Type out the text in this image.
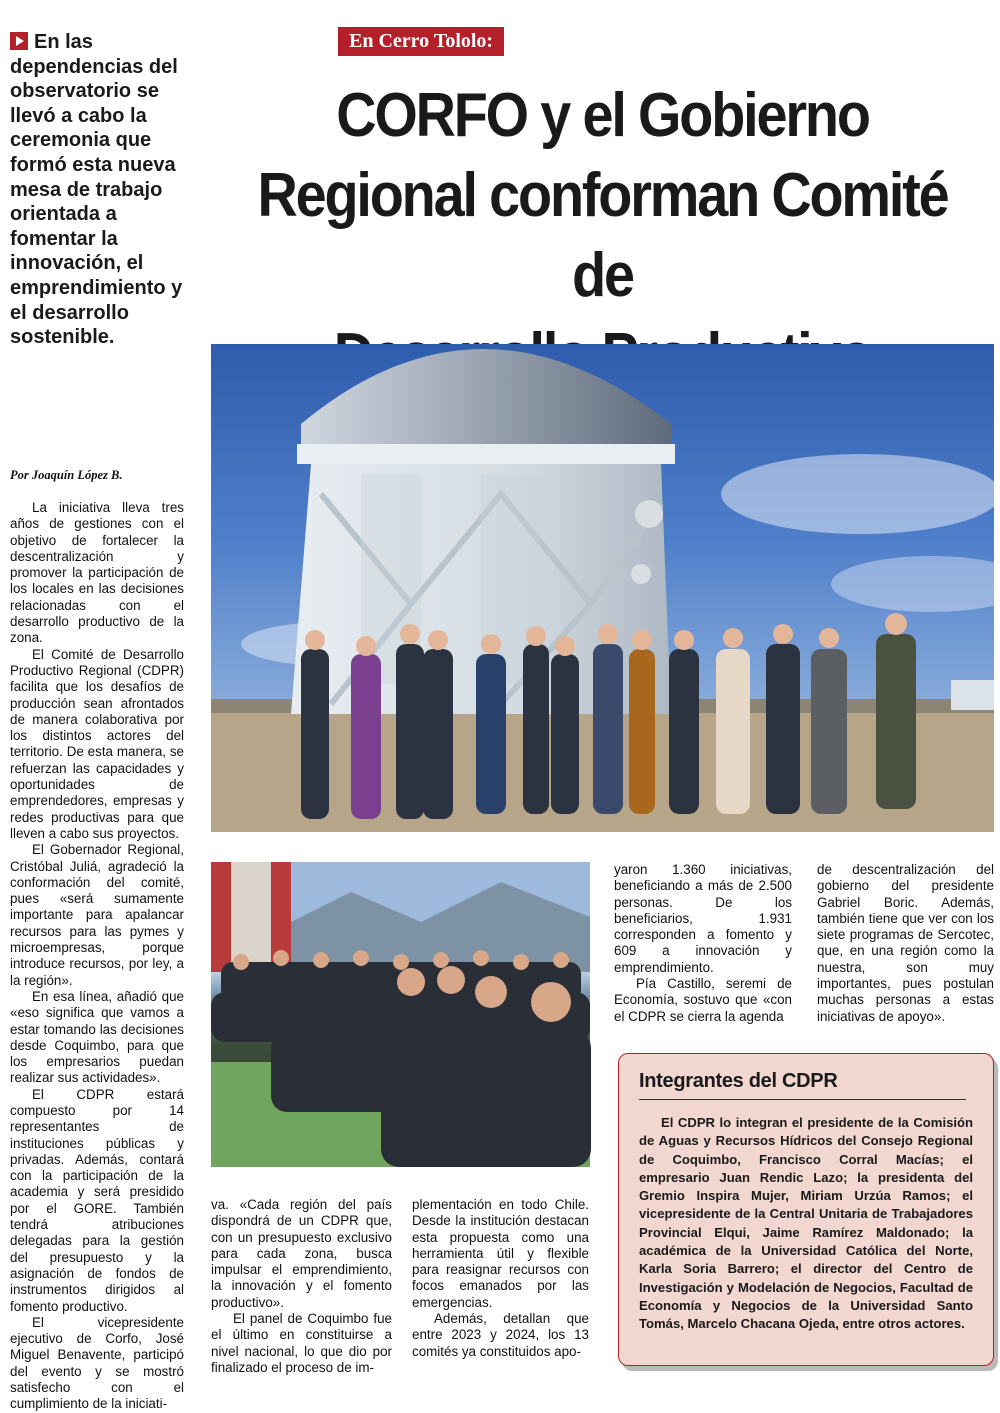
En las dependencias del observatorio se llevó a cabo la ceremonia que formó esta nueva mesa de trabajo orientada a fomentar la innovación, el emprendimiento y el desarrollo sostenible.
Por Joaquín López B.
En Cerro Tololo:
CORFO y el Gobierno
Regional conforman Comité de

La iniciativa lleva tres años de gestiones con el objetivo de fortalecer la descentralización y promover la participación de los locales en las decisiones relacionadas con el desarrollo productivo de la zona.

El Comité de Desarrollo Productivo Regional (CDPR) facilita que los desafíos de producción sean afrontados de manera colaborativa por los distintos actores del territorio. De esta manera, se refuerzan las capacidades y oportunidades de emprendedores, empresas y redes productivas para que lleven a cabo sus proyectos.

El Gobernador Regional, Cristóbal Juliá, agradeció la conformación del comité, pues «será sumamente importante para apalancar recursos para las pymes y microempresas, porque introduce recursos, por ley, a la región».

En esa línea, añadió que «eso significa que vamos a estar tomando las decisiones desde Coquimbo, para que los empresarios puedan realizar sus actividades».

El CDPR estará compuesto por 14 representantes de instituciones públicas y privadas. Además, contará con la participación de la academia y será presidido por el GORE. También tendrá atribuciones delegadas para la gestión del presupuesto y la asignación de fondos de instrumentos dirigidos al fomento productivo.

El vicepresidente ejecutivo de Corfo, José Miguel Benavente, participó del evento y se mostró satisfecho con el cumplimiento de la iniciati-

va. «Cada región del país dispondrá de un CDPR que, con un presupuesto exclusivo para cada zona, busca impulsar el emprendimiento, la innovación y el fomento productivo».

El panel de Coquimbo fue el último en constituirse a nivel nacional, lo que dio por finalizado el proceso de im-

plementación en todo Chile. Desde la institución destacan esta propuesta como una herramienta útil y flexible para reasignar recursos con focos emanados por las emergencias.

Además, detallan que entre 2023 y 2024, los 13 comités ya constituidos apo-

yaron 1.360 iniciativas, beneficiando a más de 2.500 personas. De los beneficiarios, 1.931 corresponden a fomento y 609 a innovación y emprendimiento.

Pía Castillo, seremi de Economía, sostuvo que «con el CDPR se cierra la agenda

de descentralización del gobierno del presidente Gabriel Boric. Además, también tiene que ver con los siete programas de Sercotec, que, en una región como la nuestra, son muy importantes, pues postulan muchas personas a estas iniciativas de apoyo».

Integrantes del CDPR
El CDPR lo integran el presidente de la Comisión de Aguas y Recursos Hídricos del Consejo Regional de Coquimbo, Francisco Corral Macías; el empresario Juan Rendic Lazo; la presidenta del Gremio Inspira Mujer, Miriam Urzúa Ramos; el vicepresidente de la Central Unitaria de Trabajadores Provincial Elqui, Jaime Ramírez Maldonado; la académica de la Universidad Católica del Norte, Karla Soria Barrero; el director del Centro de Investigación y Modelación de Negocios, Facultad de Economía y Negocios de la Universidad Santo Tomás, Marcelo Chacana Ojeda, entre otros actores.
